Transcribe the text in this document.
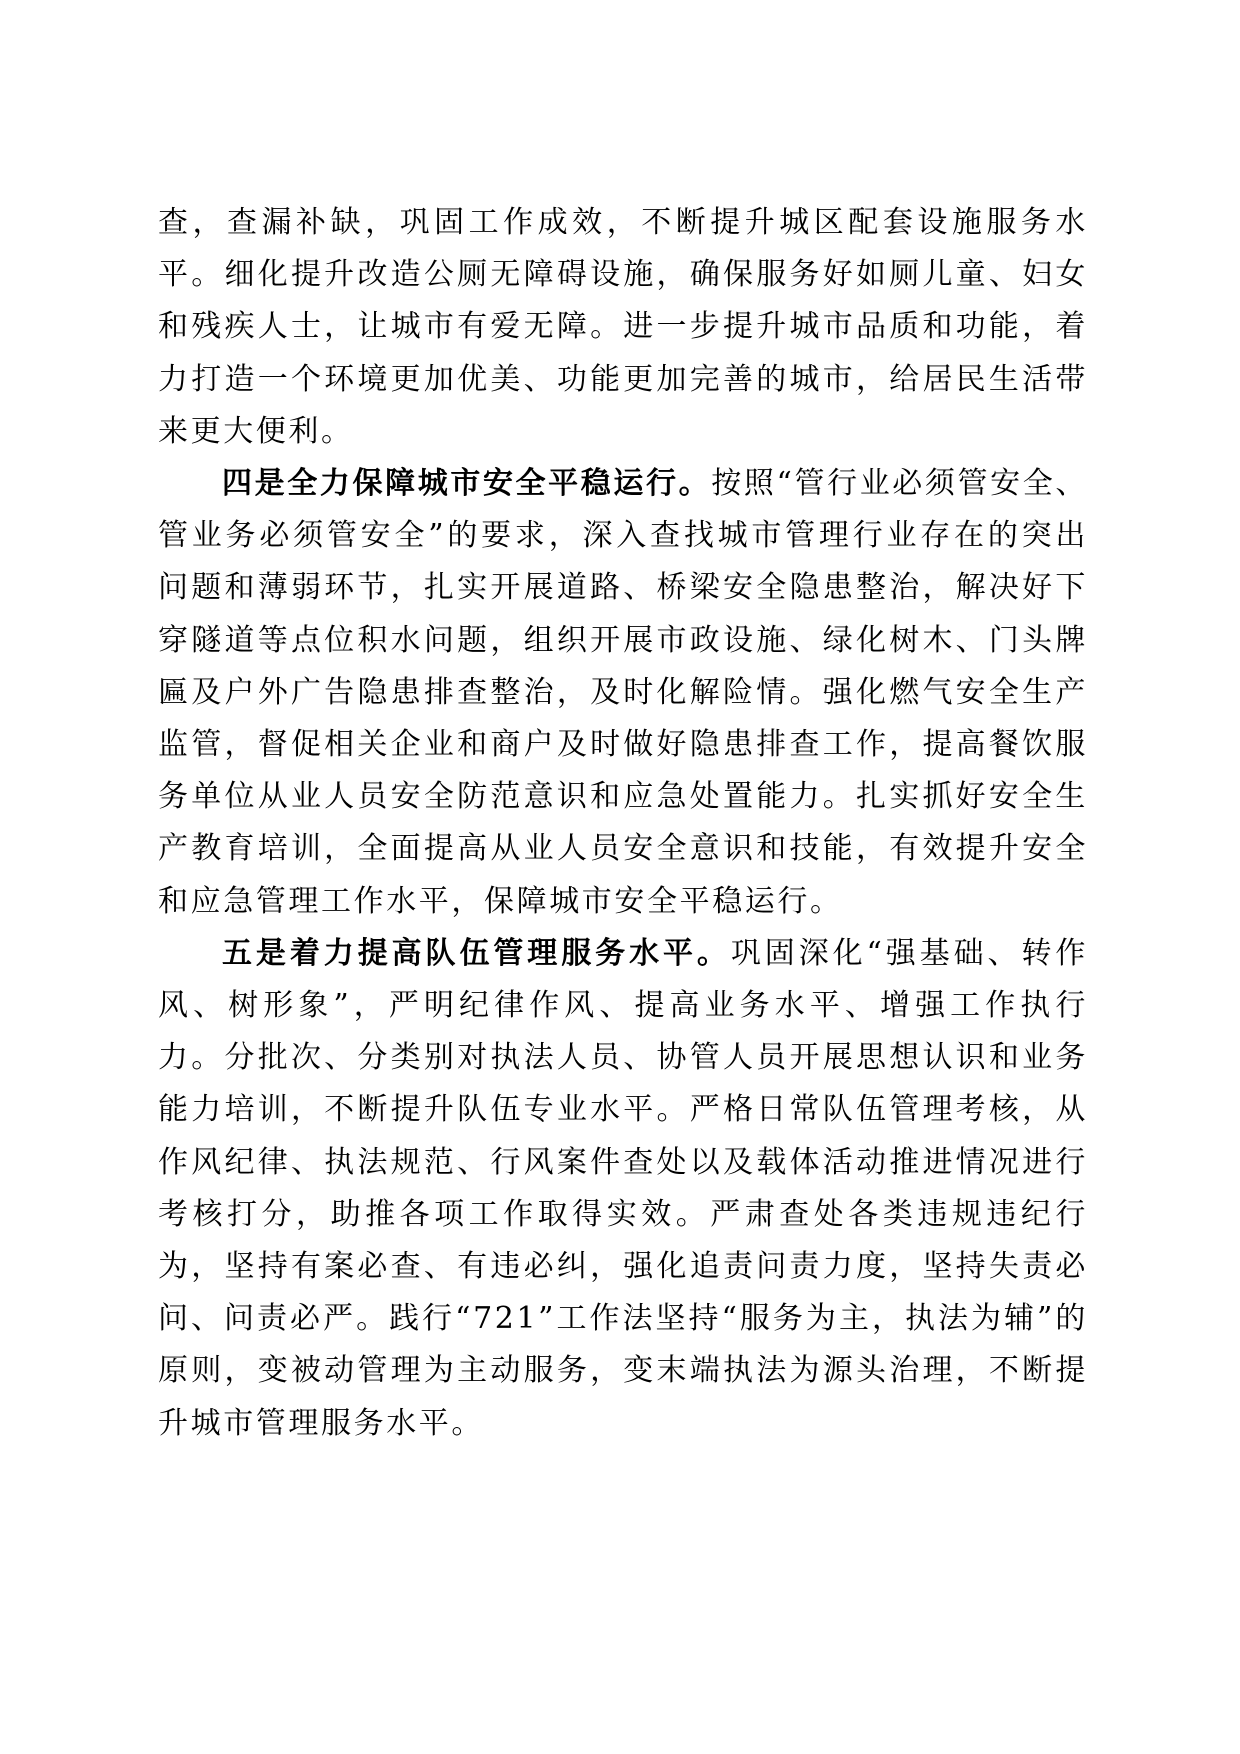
查，查漏补缺，巩固工作成效，不断提升城区配套设施服务水平。细化提升改造公厕无障碍设施，确保服务好如厕儿童、妇女和残疾人士，让城市有爱无障。进一步提升城市品质和功能，着力打造一个环境更加优美、功能更加完善的城市，给居民生活带来更大便利。

四是全力保障城市安全平稳运行。按照“管行业必须管安全、管业务必须管安全”的要求，深入查找城市管理行业存在的突出问题和薄弱环节，扎实开展道路、桥梁安全隐患整治，解决好下穿隧道等点位积水问题，组织开展市政设施、绿化树木、门头牌匾及户外广告隐患排查整治，及时化解险情。强化燃气安全生产监管，督促相关企业和商户及时做好隐患排查工作，提高餐饮服务单位从业人员安全防范意识和应急处置能力。扎实抓好安全生产教育培训，全面提高从业人员安全意识和技能，有效提升安全和应急管理工作水平，保障城市安全平稳运行。

五是着力提高队伍管理服务水平。巩固深化“强基础、转作风、树形象”，严明纪律作风、提高业务水平、增强工作执行力。分批次、分类别对执法人员、协管人员开展思想认识和业务能力培训，不断提升队伍专业水平。严格日常队伍管理考核，从作风纪律、执法规范、行风案件查处以及载体活动推进情况进行考核打分，助推各项工作取得实效。严肃查处各类违规违纪行为，坚持有案必查、有违必纠，强化追责问责力度，坚持失责必问、问责必严。践行“721”工作法坚持“服务为主，执法为辅”的原则，变被动管理为主动服务，变末端执法为源头治理，不断提升城市管理服务水平。
